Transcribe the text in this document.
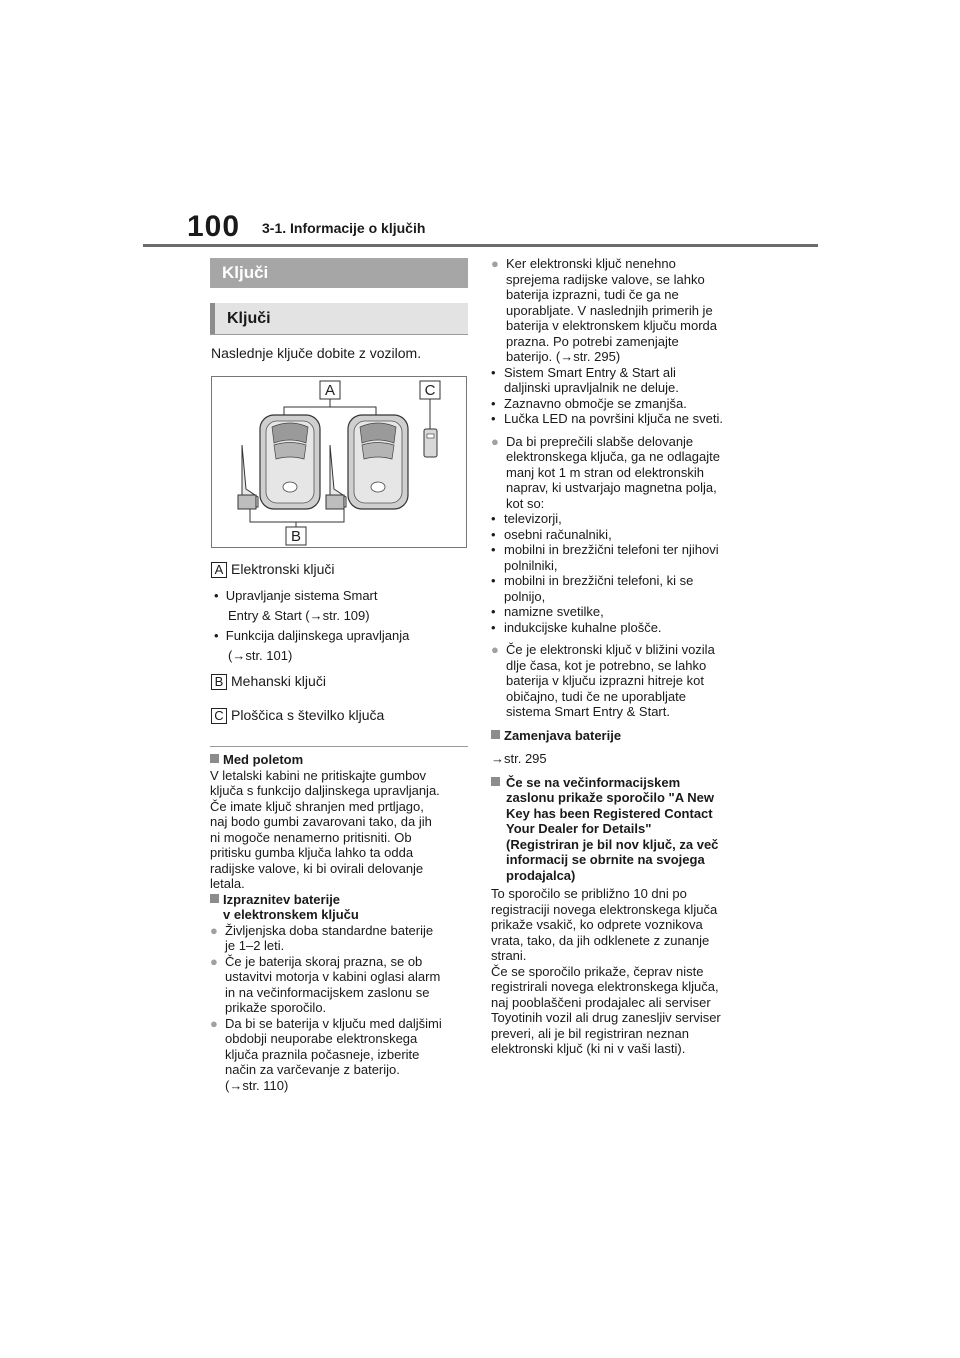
100 3-1. Informacije o ključih
Ključi
Ključi
Naslednje ključe dobite z vozilom.
A	C
B
A Elektronski ključi
•  Upravljanje sistema Smart
Entry & Start (→str. 109)
•  Funkcija daljinskega upravljanja
(→str. 101)
B Mehanski ključi
C Ploščica s številko ključa
Med poletom
V letalski kabini ne pritiskajte gumbov
ključa s funkcijo daljinskega upravljanja.
Če imate ključ shranjen med prtljago,
naj bodo gumbi zavarovani tako, da jih
ni mogoče nenamerno pritisniti. Ob
pritisku gumba ključa lahko ta odda
radijske valove, ki bi ovirali delovanje
letala.
Izpraznitev baterije
v elektronskem ključu
● Življenjska doba standardne baterije
je 1–2 leti.
● Če je baterija skoraj prazna, se ob
ustavitvi motorja v kabini oglasi alarm
in na večinformacijskem zaslonu se
prikaže sporočilo.
● Da bi se baterija v ključu med daljšimi
obdobji neuporabe elektronskega
ključa praznila počasneje, izberite
način za varčevanje z baterijo.
(→str. 110)
● Ker elektronski ključ nenehno
sprejema radijske valove, se lahko
baterija izprazni, tudi če ga ne
uporabljate. V naslednjih primerih je
baterija v elektronskem ključu morda
prazna. Po potrebi zamenjajte
baterijo. (→str. 295)
• Sistem Smart Entry & Start ali
daljinski upravljalnik ne deluje.
• Zaznavno območje se zmanjša.
• Lučka LED na površini ključa ne sveti.
● Da bi preprečili slabše delovanje
elektronskega ključa, ga ne odlagajte
manj kot 1 m stran od elektronskih
naprav, ki ustvarjajo magnetna polja,
kot so:
• televizorji,
• osebni računalniki,
• mobilni in brezžični telefoni ter njihovi
polnilniki,
• mobilni in brezžični telefoni, ki se
polnijo,
• namizne svetilke,
• indukcijske kuhalne plošče.
● Če je elektronski ključ v bližini vozila
dlje časa, kot je potrebno, se lahko
baterija v ključu izprazni hitreje kot
običajno, tudi če ne uporabljate
sistema Smart Entry & Start.
Zamenjava baterije
→str. 295
Če se na večinformacijskem
zaslonu prikaže sporočilo "A New
Key has been Registered Contact
Your Dealer for Details"
(Registriran je bil nov ključ, za več
informacij se obrnite na svojega
prodajalca)
To sporočilo se približno 10 dni po
registraciji novega elektronskega ključa
prikaže vsakič, ko odprete voznikova
vrata, tako, da jih odklenete z zunanje
strani.
Če se sporočilo prikaže, čeprav niste
registrirali novega elektronskega ključa,
naj pooblaščeni prodajalec ali serviser
Toyotinih vozil ali drug zanesljiv serviser
preveri, ali je bil registriran neznan
elektronski ključ (ki ni v vaši lasti).
